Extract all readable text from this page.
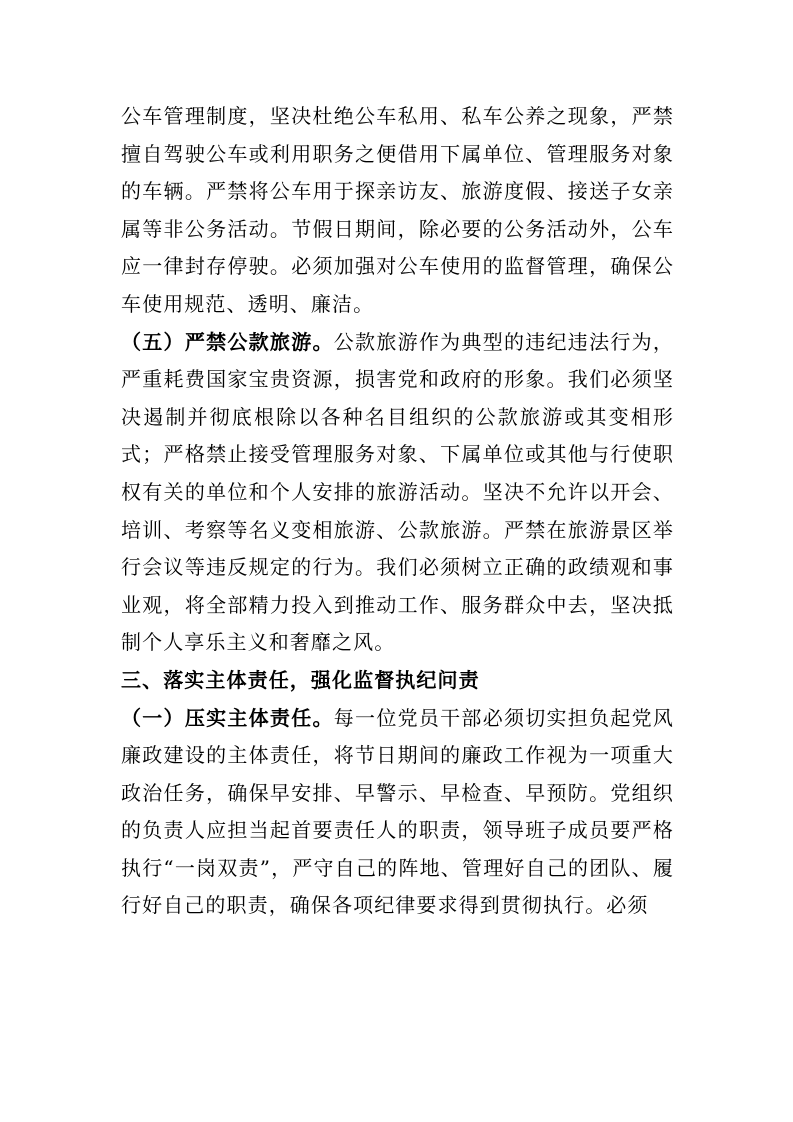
公车管理制度，坚决杜绝公车私用、私车公养之现象，严禁擅自驾驶公车或利用职务之便借用下属单位、管理服务对象的车辆。严禁将公车用于探亲访友、旅游度假、接送子女亲属等非公务活动。节假日期间，除必要的公务活动外，公车应一律封存停驶。必须加强对公车使用的监督管理，确保公车使用规范、透明、廉洁。

（五）严禁公款旅游。公款旅游作为典型的违纪违法行为，严重耗费国家宝贵资源，损害党和政府的形象。我们必须坚决遏制并彻底根除以各种名目组织的公款旅游或其变相形式；严格禁止接受管理服务对象、下属单位或其他与行使职权有关的单位和个人安排的旅游活动。坚决不允许以开会、培训、考察等名义变相旅游、公款旅游。严禁在旅游景区举行会议等违反规定的行为。我们必须树立正确的政绩观和事业观，将全部精力投入到推动工作、服务群众中去，坚决抵制个人享乐主义和奢靡之风。

三、落实主体责任，强化监督执纪问责

（一）压实主体责任。每一位党员干部必须切实担负起党风廉政建设的主体责任，将节日期间的廉政工作视为一项重大政治任务，确保早安排、早警示、早检查、早预防。党组织的负责人应担当起首要责任人的职责，领导班子成员要严格执行“一岗双责”，严守自己的阵地、管理好自己的团队、履行好自己的职责，确保各项纪律要求得到贯彻执行。必须
